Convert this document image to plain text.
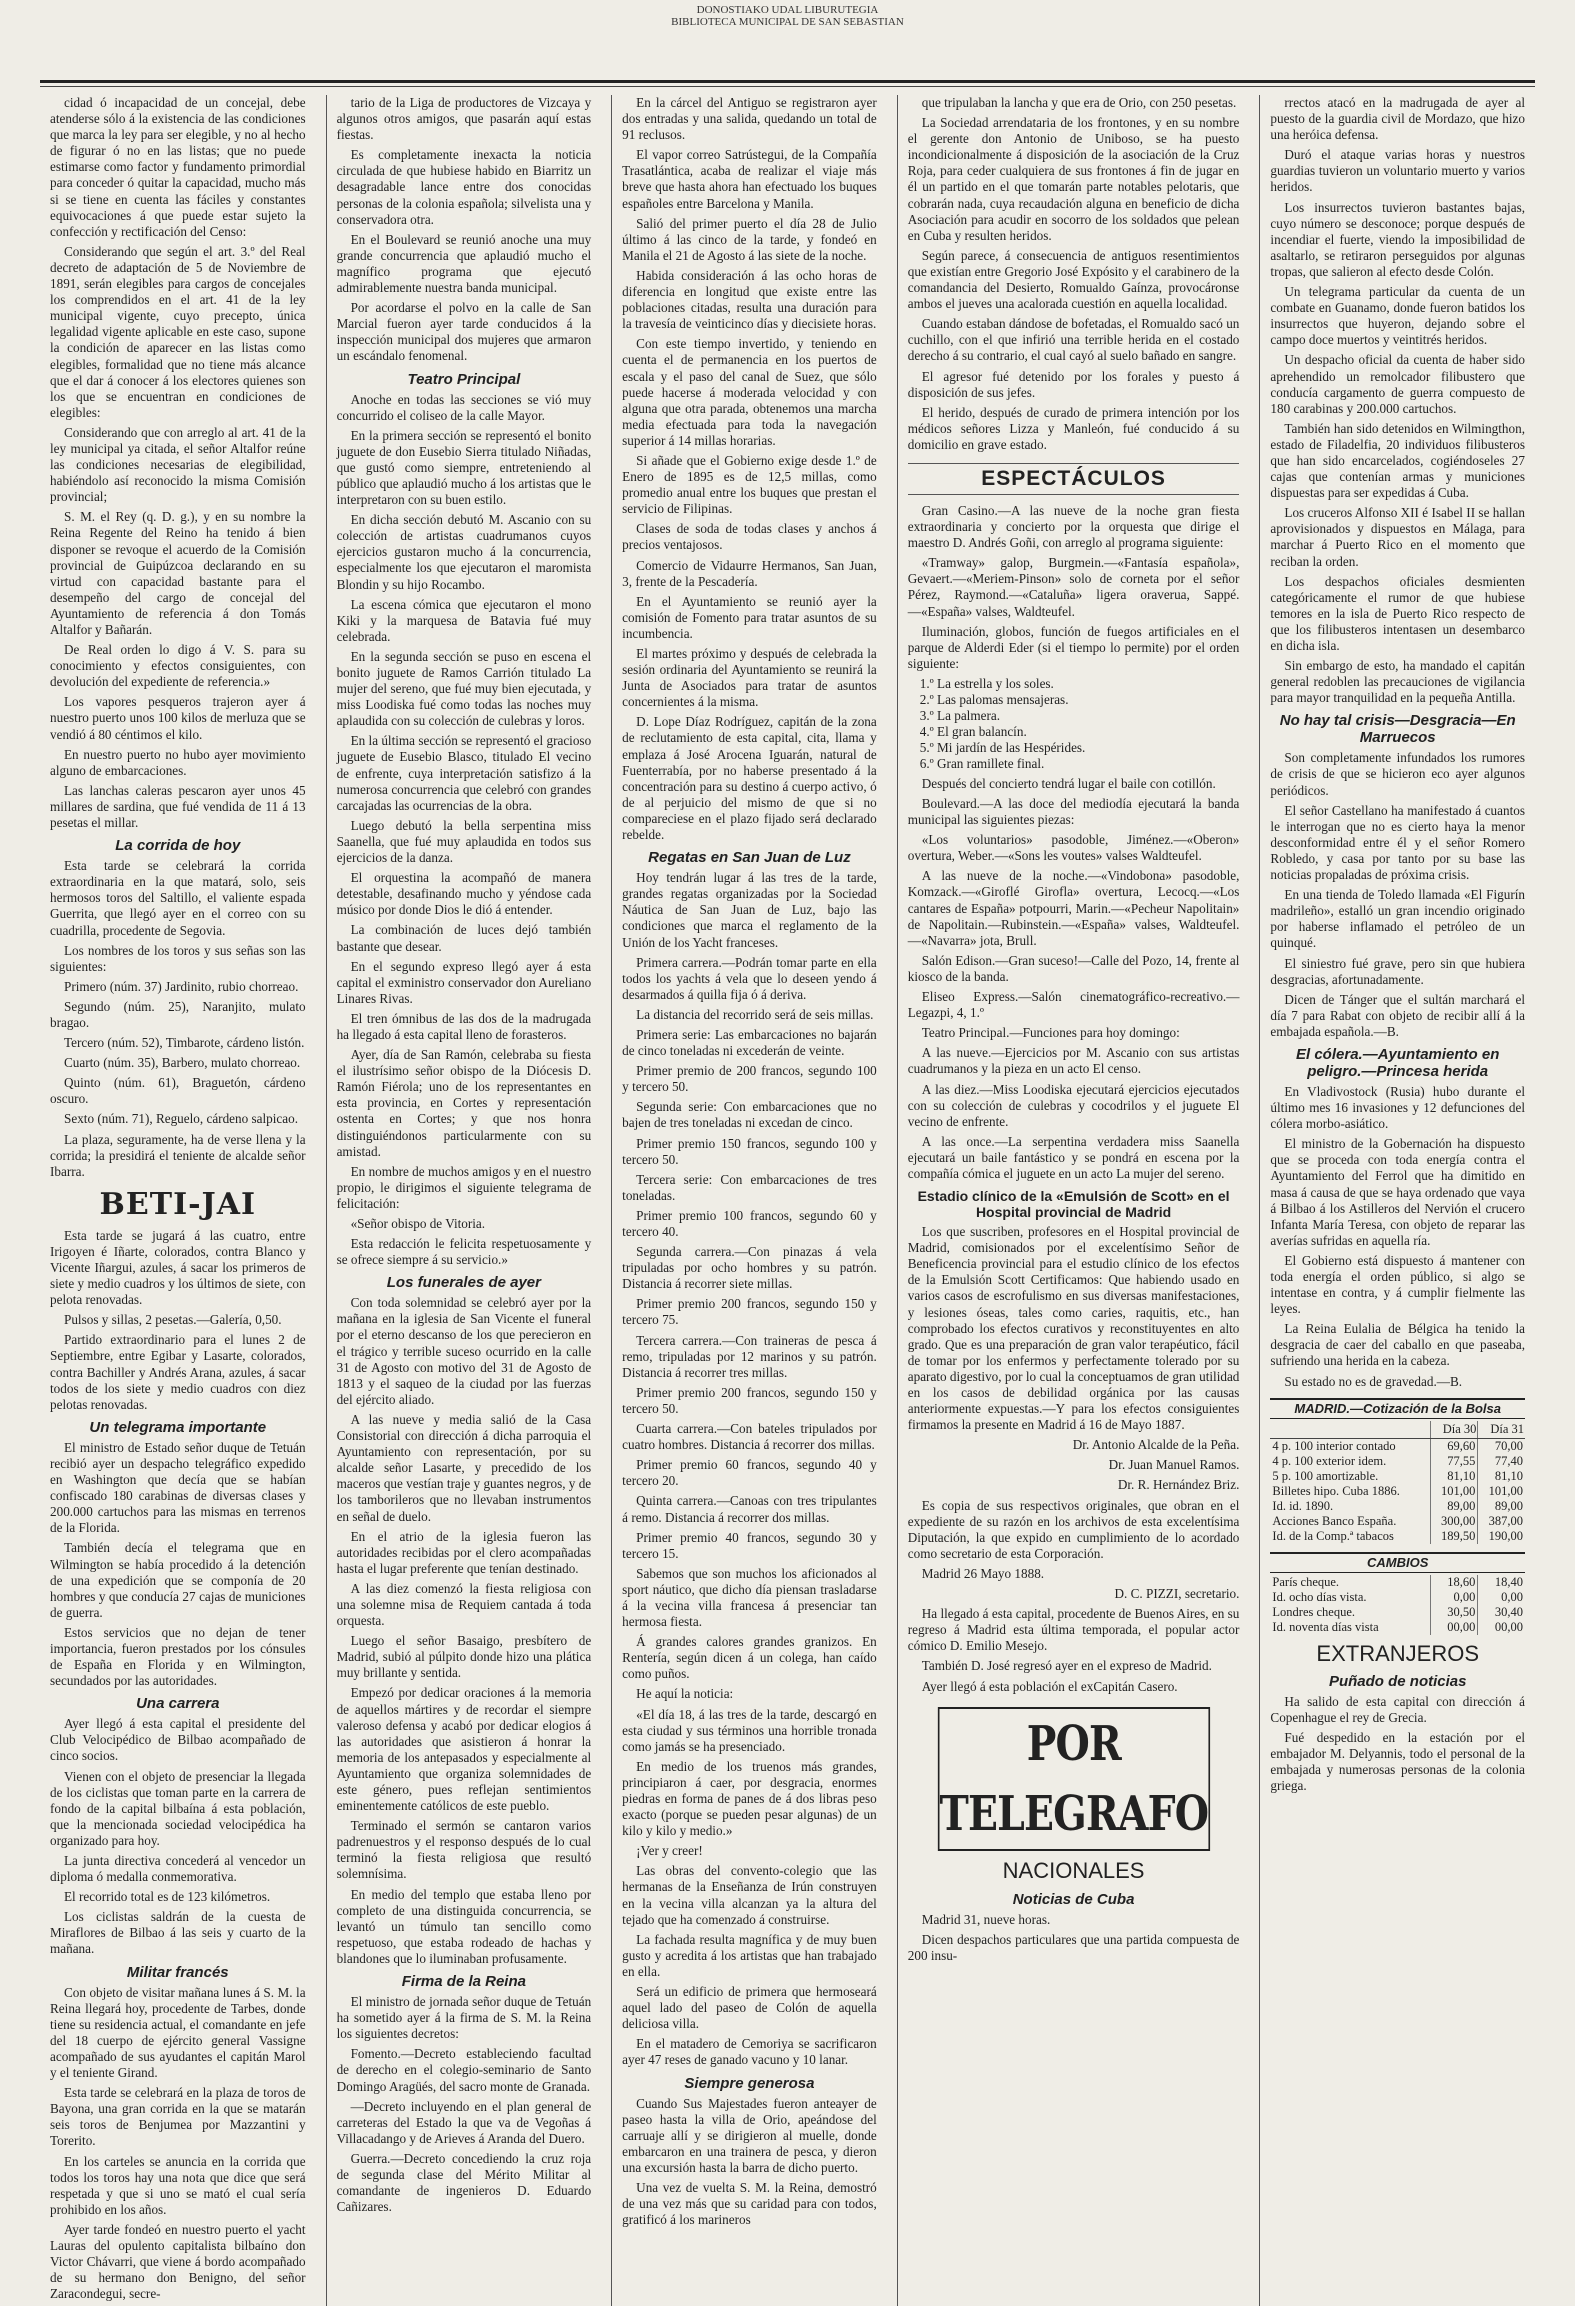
DONOSTIAKO UDAL LIBURUTEGIA
BIBLIOTECA MUNICIPAL DE SAN SEBASTIAN

cidad ó incapacidad de un concejal, debe atenderse sólo á la existencia de las condiciones que marca la ley para ser elegible, y no al hecho de figurar ó no en las listas; que no puede estimarse como factor y fundamento primordial para conceder ó quitar la capacidad, mucho más si se tiene en cuenta las fáciles y constantes equivocaciones á que puede estar sujeto la confección y rectificación del Censo:

Considerando que según el art. 3.º del Real decreto de adaptación de 5 de Noviembre de 1891, serán elegibles para cargos de concejales los comprendidos en el art. 41 de la ley municipal vigente, cuyo precepto, única legalidad vigente aplicable en este caso, supone la condición de aparecer en las listas como elegibles, formalidad que no tiene más alcance que el dar á conocer á los electores quienes son los que se encuentran en condiciones de elegibles:

Considerando que con arreglo al art. 41 de la ley municipal ya citada, el señor Altalfor reúne las condiciones necesarias de elegibilidad, habiéndolo así reconocido la misma Comisión provincial;

S. M. el Rey (q. D. g.), y en su nombre la Reina Regente del Reino ha tenido á bien disponer se revoque el acuerdo de la Comisión provincial de Guipúzcoa declarando en su virtud con capacidad bastante para el desempeño del cargo de concejal del Ayuntamiento de referencia á don Tomás Altalfor y Bañarán.

De Real orden lo digo á V. S. para su conocimiento y efectos consiguientes, con devolución del expediente de referencia.»

Los vapores pesqueros trajeron ayer á nuestro puerto unos 100 kilos de merluza que se vendió á 80 céntimos el kilo.

En nuestro puerto no hubo ayer movimiento alguno de embarcaciones.

Las lanchas caleras pescaron ayer unos 45 millares de sardina, que fué vendida de 11 á 13 pesetas el millar.

La corrida de hoy

Esta tarde se celebrará la corrida extraordinaria en la que matará, solo, seis hermosos toros del Saltillo, el valiente espada Guerrita, que llegó ayer en el correo con su cuadrilla, procedente de Segovia.

Los nombres de los toros y sus señas son las siguientes:

Primero (núm. 37) Jardinito, rubio chorreao.

Segundo (núm. 25), Naranjito, mulato bragao.

Tercero (núm. 52), Timbarote, cárdeno listón.

Cuarto (núm. 35), Barbero, mulato chorreao.

Quinto (núm. 61), Braguetón, cárdeno oscuro.

Sexto (núm. 71), Reguelo, cárdeno salpicao.

La plaza, seguramente, ha de verse llena y la corrida; la presidirá el teniente de alcalde señor Ibarra.

BETI-JAI

Esta tarde se jugará á las cuatro, entre Irigoyen é Iñarte, colorados, contra Blanco y Vicente Iñargui, azules, á sacar los primeros de siete y medio cuadros y los últimos de siete, con pelota renovadas.

Pulsos y sillas, 2 pesetas.—Galería, 0,50.

Partido extraordinario para el lunes 2 de Septiembre, entre Egibar y Lasarte, colorados, contra Bachiller y Andrés Arana, azules, á sacar todos de los siete y medio cuadros con diez pelotas renovadas.

Un telegrama importante

El ministro de Estado señor duque de Tetuán recibió ayer un despacho telegráfico expedido en Washington que decía que se habían confiscado 180 carabinas de diversas clases y 200.000 cartuchos para las mismas en terrenos de la Florida.

También decía el telegrama que en Wilmington se había procedido á la detención de una expedición que se componía de 20 hombres y que conducía 27 cajas de municiones de guerra.

Estos servicios que no dejan de tener importancia, fueron prestados por los cónsules de España en Florida y en Wilmington, secundados por las autoridades.

Una carrera

Ayer llegó á esta capital el presidente del Club Velocipédico de Bilbao acompañado de cinco socios.

Vienen con el objeto de presenciar la llegada de los ciclistas que toman parte en la carrera de fondo de la capital bilbaína á esta población, que la mencionada sociedad velocipédica ha organizado para hoy.

La junta directiva concederá al vencedor un diploma ó medalla conmemorativa.

El recorrido total es de 123 kilómetros.

Los ciclistas saldrán de la cuesta de Miraflores de Bilbao á las seis y cuarto de la mañana.

Militar francés

Con objeto de visitar mañana lunes á S. M. la Reina llegará hoy, procedente de Tarbes, donde tiene su residencia actual, el comandante en jefe del 18 cuerpo de ejército general Vassigne acompañado de sus ayudantes el capitán Marol y el teniente Girand.

Esta tarde se celebrará en la plaza de toros de Bayona, una gran corrida en la que se matarán seis toros de Benjumea por Mazzantini y Torerito.

En los carteles se anuncia en la corrida que todos los toros hay una nota que dice que será respetada y que si uno se mató el cual sería prohibido en los años.

Ayer tarde fondeó en nuestro puerto el yacht Lauras del opulento capitalista bilbaíno don Victor Chávarri, que viene á bordo acompañado de su hermano don Benigno, del señor Zaracondegui, secre-

tario de la Liga de productores de Vizcaya y algunos otros amigos, que pasarán aquí estas fiestas.

Es completamente inexacta la noticia circulada de que hubiese habido en Biarritz un desagradable lance entre dos conocidas personas de la colonia española; silvelista una y conservadora otra.

En el Boulevard se reunió anoche una muy grande concurrencia que aplaudió mucho el magnífico programa que ejecutó admirablemente nuestra banda municipal.

Por acordarse el polvo en la calle de San Marcial fueron ayer tarde conducidos á la inspección municipal dos mujeres que armaron un escándalo fenomenal.

Teatro Principal

Anoche en todas las secciones se vió muy concurrido el coliseo de la calle Mayor.

En la primera sección se representó el bonito juguete de don Eusebio Sierra titulado Niñadas, que gustó como siempre, entreteniendo al público que aplaudió mucho á los artistas que le interpretaron con su buen estilo.

En dicha sección debutó M. Ascanio con su colección de artistas cuadrumanos cuyos ejercicios gustaron mucho á la concurrencia, especialmente los que ejecutaron el maromista Blondin y su hijo Rocambo.

La escena cómica que ejecutaron el mono Kiki y la marquesa de Batavia fué muy celebrada.

En la segunda sección se puso en escena el bonito juguete de Ramos Carrión titulado La mujer del sereno, que fué muy bien ejecutada, y miss Loodiska fué como todas las noches muy aplaudida con su colección de culebras y loros.

En la última sección se representó el gracioso juguete de Eusebio Blasco, titulado El vecino de enfrente, cuya interpretación satisfizo á la numerosa concurrencia que celebró con grandes carcajadas las ocurrencias de la obra.

Luego debutó la bella serpentina miss Saanella, que fué muy aplaudida en todos sus ejercicios de la danza.

El orquestina la acompañó de manera detestable, desafinando mucho y yéndose cada músico por donde Dios le dió á entender.

La combinación de luces dejó también bastante que desear.

En el segundo expreso llegó ayer á esta capital el exministro conservador don Aureliano Linares Rivas.

El tren ómnibus de las dos de la madrugada ha llegado á esta capital lleno de forasteros.

Ayer, día de San Ramón, celebraba su fiesta el ilustrísimo señor obispo de la Diócesis D. Ramón Fiérola; uno de los representantes en esta provincia, en Cortes y representación ostenta en Cortes; y que nos honra distinguiéndonos particularmente con su amistad.

En nombre de muchos amigos y en el nuestro propio, le dirigimos el siguiente telegrama de felicitación:

«Señor obispo de Vitoria.

Esta redacción le felicita respetuosamente y se ofrece siempre á su servicio.»

Los funerales de ayer

Con toda solemnidad se celebró ayer por la mañana en la iglesia de San Vicente el funeral por el eterno descanso de los que perecieron en el trágico y terrible suceso ocurrido en la calle 31 de Agosto con motivo del 31 de Agosto de 1813 y el saqueo de la ciudad por las fuerzas del ejército aliado.

A las nueve y media salió de la Casa Consistorial con dirección á dicha parroquia el Ayuntamiento con representación, por su alcalde señor Lasarte, y precedido de los maceros que vestían traje y guantes negros, y de los tamborileros que no llevaban instrumentos en señal de duelo.

En el atrio de la iglesia fueron las autoridades recibidas por el clero acompañadas hasta el lugar preferente que tenían destinado.

A las diez comenzó la fiesta religiosa con una solemne misa de Requiem cantada á toda orquesta.

Luego el señor Basaigo, presbítero de Madrid, subió al púlpito donde hizo una plática muy brillante y sentida.

Empezó por dedicar oraciones á la memoria de aquellos mártires y de recordar el siempre valeroso defensa y acabó por dedicar elogios á las autoridades que asistieron á honrar la memoria de los antepasados y especialmente al Ayuntamiento que organiza solemnidades de este género, pues reflejan sentimientos eminentemente católicos de este pueblo.

Terminado el sermón se cantaron varios padrenuestros y el responso después de lo cual terminó la fiesta religiosa que resultó solemnísima.

En medio del templo que estaba lleno por completo de una distinguida concurrencia, se levantó un túmulo tan sencillo como respetuoso, que estaba rodeado de hachas y blandones que lo iluminaban profusamente.

Firma de la Reina

El ministro de jornada señor duque de Tetuán ha sometido ayer á la firma de S. M. la Reina los siguientes decretos:

Fomento.—Decreto estableciendo facultad de derecho en el colegio-seminario de Santo Domingo Aragüés, del sacro monte de Granada.

—Decreto incluyendo en el plan general de carreteras del Estado la que va de Vegoñas á Villacadango y de Arieves á Aranda del Duero.

Guerra.—Decreto concediendo la cruz roja de segunda clase del Mérito Militar al comandante de ingenieros D. Eduardo Cañizares.

En la cárcel del Antiguo se registraron ayer dos entradas y una salida, quedando un total de 91 reclusos.

El vapor correo Satrústegui, de la Compañía Trasatlántica, acaba de realizar el viaje más breve que hasta ahora han efectuado los buques españoles entre Barcelona y Manila.

Salió del primer puerto el día 28 de Julio último á las cinco de la tarde, y fondeó en Manila el 21 de Agosto á las siete de la noche.

Habida consideración á las ocho horas de diferencia en longitud que existe entre las poblaciones citadas, resulta una duración para la travesía de veinticinco días y diecisiete horas.

Con este tiempo invertido, y teniendo en cuenta el de permanencia en los puertos de escala y el paso del canal de Suez, que sólo puede hacerse á moderada velocidad y con alguna que otra parada, obtenemos una marcha media efectuada para toda la navegación superior á 14 millas horarias.

Si añade que el Gobierno exige desde 1.º de Enero de 1895 es de 12,5 millas, como promedio anual entre los buques que prestan el servicio de Filipinas.

Clases de soda de todas clases y anchos á precios ventajosos.

Comercio de Vidaurre Hermanos, San Juan, 3, frente de la Pescadería.

En el Ayuntamiento se reunió ayer la comisión de Fomento para tratar asuntos de su incumbencia.

El martes próximo y después de celebrada la sesión ordinaria del Ayuntamiento se reunirá la Junta de Asociados para tratar de asuntos concernientes á la misma.

D. Lope Díaz Rodríguez, capitán de la zona de reclutamiento de esta capital, cita, llama y emplaza á José Arocena Iguarán, natural de Fuenterrabía, por no haberse presentado á la concentración para su destino á cuerpo activo, ó de al perjuicio del mismo de que si no compareciese en el plazo fijado será declarado rebelde.

Regatas en San Juan de Luz

Hoy tendrán lugar á las tres de la tarde, grandes regatas organizadas por la Sociedad Náutica de San Juan de Luz, bajo las condiciones que marca el reglamento de la Unión de los Yacht franceses.

Primera carrera.—Podrán tomar parte en ella todos los yachts á vela que lo deseen yendo á desarmados á quilla fija ó á deriva.

La distancia del recorrido será de seis millas.

Primera serie: Las embarcaciones no bajarán de cinco toneladas ni excederán de veinte.

Primer premio de 200 francos, segundo 100 y tercero 50.

Segunda serie: Con embarcaciones que no bajen de tres toneladas ni excedan de cinco.

Primer premio 150 francos, segundo 100 y tercero 50.

Tercera serie: Con embarcaciones de tres toneladas.

Primer premio 100 francos, segundo 60 y tercero 40.

Segunda carrera.—Con pinazas á vela tripuladas por ocho hombres y su patrón. Distancia á recorrer siete millas.

Primer premio 200 francos, segundo 150 y tercero 75.

Tercera carrera.—Con traineras de pesca á remo, tripuladas por 12 marinos y su patrón. Distancia á recorrer tres millas.

Primer premio 200 francos, segundo 150 y tercero 50.

Cuarta carrera.—Con bateles tripulados por cuatro hombres. Distancia á recorrer dos millas.

Primer premio 60 francos, segundo 40 y tercero 20.

Quinta carrera.—Canoas con tres tripulantes á remo. Distancia á recorrer dos millas.

Primer premio 40 francos, segundo 30 y tercero 15.

Sabemos que son muchos los aficionados al sport náutico, que dicho día piensan trasladarse á la vecina villa francesa á presenciar tan hermosa fiesta.

Á grandes calores grandes granizos. En Rentería, según dicen á un colega, han caído como puños.

He aquí la noticia:

«El día 18, á las tres de la tarde, descargó en esta ciudad y sus términos una horrible tronada como jamás se ha presenciado.

En medio de los truenos más grandes, principiaron á caer, por desgracia, enormes piedras en forma de panes de á dos libras peso exacto (porque se pueden pesar algunas) de un kilo y kilo y medio.»

¡Ver y creer!

Las obras del convento-colegio que las hermanas de la Enseñanza de Irún construyen en la vecina villa alcanzan ya la altura del tejado que ha comenzado á construirse.

La fachada resulta magnífica y de muy buen gusto y acredita á los artistas que han trabajado en ella.

Será un edificio de primera que hermoseará aquel lado del paseo de Colón de aquella deliciosa villa.

En el matadero de Cemoriya se sacrificaron ayer 47 reses de ganado vacuno y 10 lanar.

Siempre generosa

Cuando Sus Majestades fueron anteayer de paseo hasta la villa de Orio, apeándose del carruaje allí y se dirigieron al muelle, donde embarcaron en una trainera de pesca, y dieron una excursión hasta la barra de dicho puerto.

Una vez de vuelta S. M. la Reina, demostró de una vez más que su caridad para con todos, gratificó á los marineros

que tripulaban la lancha y que era de Orio, con 250 pesetas.

La Sociedad arrendataria de los frontones, y en su nombre el gerente don Antonio de Uniboso, se ha puesto incondicionalmente á disposición de la asociación de la Cruz Roja, para ceder cualquiera de sus frontones á fin de jugar en él un partido en el que tomarán parte notables pelotaris, que cobrarán nada, cuya recaudación alguna en beneficio de dicha Asociación para acudir en socorro de los soldados que pelean en Cuba y resulten heridos.

Según parece, á consecuencia de antiguos resentimientos que existían entre Gregorio José Expósito y el carabinero de la comandancia del Desierto, Romualdo Gaínza, provocáronse ambos el jueves una acalorada cuestión en aquella localidad.

Cuando estaban dándose de bofetadas, el Romualdo sacó un cuchillo, con el que infirió una terrible herida en el costado derecho á su contrario, el cual cayó al suelo bañado en sangre.

El agresor fué detenido por los forales y puesto á disposición de sus jefes.

El herido, después de curado de primera intención por los médicos señores Lizza y Manleón, fué conducido á su domicilio en grave estado.

ESPECTÁCULOS

Gran Casino.—A las nueve de la noche gran fiesta extraordinaria y concierto por la orquesta que dirige el maestro D. Andrés Goñi, con arreglo al programa siguiente:

«Tramway» galop, Burgmein.—«Fantasía española», Gevaert.—«Meriem-Pinson» solo de corneta por el señor Pérez, Raymond.—«Cataluña» ligera oraverua, Sappé.—«España» valses, Waldteufel.

Iluminación, globos, función de fuegos artificiales en el parque de Alderdi Eder (si el tiempo lo permite) por el orden siguiente:

1.º La estrella y los soles.
2.º Las palomas mensajeras.
3.º La palmera.
4.º El gran balancín.
5.º Mi jardín de las Hespérides.
6.º Gran ramillete final.

Después del concierto tendrá lugar el baile con cotillón.

Boulevard.—A las doce del mediodía ejecutará la banda municipal las siguientes piezas:

«Los voluntarios» pasodoble, Jiménez.—«Oberon» overtura, Weber.—«Sons les voutes» valses Waldteufel.

A las nueve de la noche.—«Vindobona» pasodoble, Komzack.—«Giroflé Girofla» overtura, Lecocq.—«Los cantares de España» potpourri, Marin.—«Pecheur Napolitain» de Napolitain.—Rubinstein.—«España» valses, Waldteufel.—«Navarra» jota, Brull.

Salón Edison.—Gran suceso!—Calle del Pozo, 14, frente al kiosco de la banda.

Eliseo Express.—Salón cinematográfico-recreativo.—Legazpi, 4, 1.º

Teatro Principal.—Funciones para hoy domingo:

A las nueve.—Ejercicios por M. Ascanio con sus artistas cuadrumanos y la pieza en un acto El censo.

A las diez.—Miss Loodiska ejecutará ejercicios ejecutados con su colección de culebras y cocodrilos y el juguete El vecino de enfrente.

A las once.—La serpentina verdadera miss Saanella ejecutará un baile fantástico y se pondrá en escena por la compañía cómica el juguete en un acto La mujer del sereno.

Estadio clínico de la «Emulsión de Scott» en el Hospital provincial de Madrid

Los que suscriben, profesores en el Hospital provincial de Madrid, comisionados por el excelentísimo Señor de Beneficencia provincial para el estudio clínico de los efectos de la Emulsión Scott Certificamos: Que habiendo usado en varios casos de escrofulismo en sus diversas manifestaciones, y lesiones óseas, tales como caries, raquitis, etc., han comprobado los efectos curativos y reconstituyentes en alto grado. Que es una preparación de gran valor terapéutico, fácil de tomar por los enfermos y perfectamente tolerado por su aparato digestivo, por lo cual la conceptuamos de gran utilidad en los casos de debilidad orgánica por las causas anteriormente expuestas.—Y para los efectos consiguientes firmamos la presente en Madrid á 16 de Mayo 1887.

Dr. Antonio Alcalde de la Peña.

Dr. Juan Manuel Ramos.

Dr. R. Hernández Briz.

Es copia de sus respectivos originales, que obran en el expediente de su razón en los archivos de esta excelentísima Diputación, la que expido en cumplimiento de lo acordado como secretario de esta Corporación.

Madrid 26 Mayo 1888.

D. C. PIZZI, secretario.

Ha llegado á esta capital, procedente de Buenos Aires, en su regreso á Madrid esta última temporada, el popular actor cómico D. Emilio Mesejo.

También D. José regresó ayer en el expreso de Madrid.

Ayer llegó á esta población el exCapitán Casero.

POR TELEGRAFO
NACIONALES
Noticias de Cuba

Madrid 31, nueve horas.

Dicen despachos particulares que una partida compuesta de 200 insu-

rrectos atacó en la madrugada de ayer al puesto de la guardia civil de Mordazo, que hizo una heróica defensa.

Duró el ataque varias horas y nuestros guardias tuvieron un voluntario muerto y varios heridos.

Los insurrectos tuvieron bastantes bajas, cuyo número se desconoce; porque después de incendiar el fuerte, viendo la imposibilidad de asaltarlo, se retiraron perseguidos por algunas tropas, que salieron al efecto desde Colón.

Un telegrama particular da cuenta de un combate en Guanamo, donde fueron batidos los insurrectos que huyeron, dejando sobre el campo doce muertos y veintitrés heridos.

Un despacho oficial da cuenta de haber sido aprehendido un remolcador filibustero que conducía cargamento de guerra compuesto de 180 carabinas y 200.000 cartuchos.

También han sido detenidos en Wilmingthon, estado de Filadelfia, 20 individuos filibusteros que han sido encarcelados, cogiéndoseles 27 cajas que contenían armas y municiones dispuestas para ser expedidas á Cuba.

Los cruceros Alfonso XII é Isabel II se hallan aprovisionados y dispuestos en Málaga, para marchar á Puerto Rico en el momento que reciban la orden.

Los despachos oficiales desmienten categóricamente el rumor de que hubiese temores en la isla de Puerto Rico respecto de que los filibusteros intentasen un desembarco en dicha isla.

Sin embargo de esto, ha mandado el capitán general redoblen las precauciones de vigilancia para mayor tranquilidad en la pequeña Antilla.

No hay tal crisis—Desgracia—En Marruecos

Son completamente infundados los rumores de crisis de que se hicieron eco ayer algunos periódicos.

El señor Castellano ha manifestado á cuantos le interrogan que no es cierto haya la menor desconformidad entre él y el señor Romero Robledo, y casa por tanto por su base las noticias propaladas de próxima crisis.

En una tienda de Toledo llamada «El Figurín madrileño», estalló un gran incendio originado por haberse inflamado el petróleo de un quinqué.

El siniestro fué grave, pero sin que hubiera desgracias, afortunadamente.

Dicen de Tánger que el sultán marchará el día 7 para Rabat con objeto de recibir allí á la embajada española.—B.

El cólera.—Ayuntamiento en peligro.—Princesa herida

En Vladivostock (Rusia) hubo durante el último mes 16 invasiones y 12 defunciones del cólera morbo-asiático.

El ministro de la Gobernación ha dispuesto que se proceda con toda energía contra el Ayuntamiento del Ferrol que ha dimitido en masa á causa de que se haya ordenado que vaya á Bilbao á los Astilleros del Nervión el crucero Infanta María Teresa, con objeto de reparar las averías sufridas en aquella ría.

El Gobierno está dispuesto á mantener con toda energía el orden público, si algo se intentase en contra, y á cumplir fielmente las leyes.

La Reina Eulalia de Bélgica ha tenido la desgracia de caer del caballo en que paseaba, sufriendo una herida en la cabeza.

Su estado no es de gravedad.—B.

MADRID.—Cotización de la Bolsa
	Día 30	Día 31
4 p. 100 interior contado	69,60	70,00
4 p. 100 exterior idem.	77,55	77,40
5 p. 100 amortizable.	81,10	81,10
Billetes hipo. Cuba 1886.	101,00	101,00
Id. id. 1890.	89,00	89,00
Acciones Banco España.	300,00	387,00
Id. de la Comp.ª tabacos	189,50	190,00
CAMBIOS
París cheque.	18,60	18,40
Id. ocho días vista.	0,00	0,00
Londres cheque.	30,50	30,40
Id. noventa días vista	00,00	00,00
EXTRANJEROS
Puñado de noticias

Ha salido de esta capital con dirección á Copenhague el rey de Grecia.

Fué despedido en la estación por el embajador M. Delyannis, todo el personal de la embajada y numerosas personas de la colonia griega.
